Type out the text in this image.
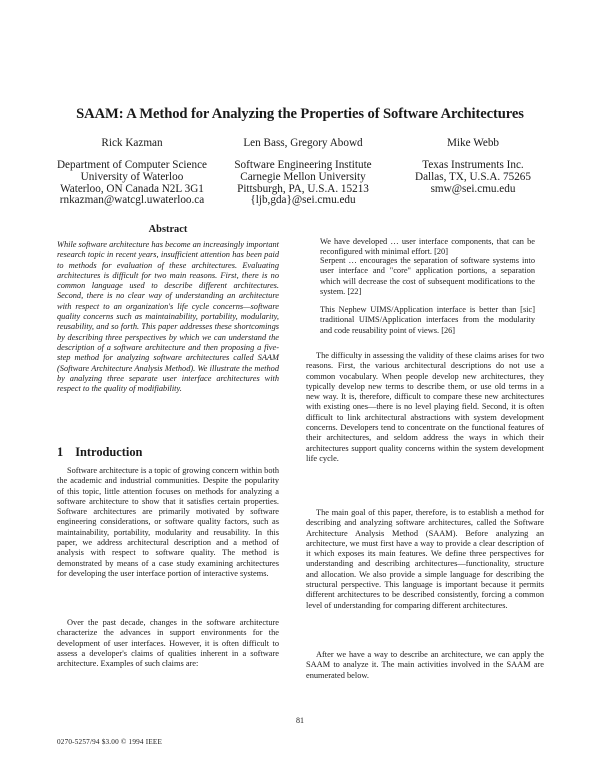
SAAM: A Method for Analyzing the Properties of Software Architectures
Rick Kazman	Len Bass, Gregory Abowd	Mike Webb
Department of Computer Science
University of Waterloo
Waterloo, ON Canada N2L 3G1
rnkazman@watcgl.uwaterloo.ca
Software Engineering Institute
Carnegie Mellon University
Pittsburgh, PA, U.S.A. 15213
{ljb,gda}@sei.cmu.edu
Texas Instruments Inc.
Dallas, TX, U.S.A. 75265
smw@sei.cmu.edu
Abstract

While software architecture has become an increasingly important research topic in recent years, insufficient attention has been paid to methods for evaluation of these architectures. Evaluating architectures is difficult for two main reasons. First, there is no common language used to describe different architectures. Second, there is no clear way of understanding an architecture with respect to an organization's life cycle concerns—software quality concerns such as maintainability, portability, modularity, reusability, and so forth. This paper addresses these shortcomings by describing three perspectives by which we can understand the description of a software architecture and then proposing a five-step method for analyzing software architectures called SAAM (Software Architecture Analysis Method). We illustrate the method by analyzing three separate user interface architectures with respect to the quality of modifiability.

1 Introduction

Software architecture is a topic of growing concern within both the academic and industrial communities. Despite the popularity of this topic, little attention focuses on methods for analyzing a software architecture to show that it satisfies certain properties. Software architectures are primarily motivated by software engineering considerations, or software quality factors, such as maintainability, portability, modularity and reusability. In this paper, we address architectural description and a method of analysis with respect to software quality. The method is demonstrated by means of a case study examining architectures for developing the user interface portion of interactive systems.

Over the past decade, changes in the software architecture characterize the advances in support environments for the development of user interfaces. However, it is often difficult to assess a developer's claims of qualities inherent in a software architecture. Examples of such claims are:

We have developed … user interface components, that can be reconfigured with minimal effort. [20]

Serpent … encourages the separation of software systems into user interface and "core" application portions, a separation which will decrease the cost of subsequent modifications to the system. [22]

This Nephew UIMS/Application interface is better than [sic] traditional UIMS/Application interfaces from the modularity and code reusability point of views. [26]

The difficulty in assessing the validity of these claims arises for two reasons. First, the various architectural descriptions do not use a common vocabulary. When people develop new architectures, they typically develop new terms to describe them, or use old terms in a new way. It is, therefore, difficult to compare these new architectures with existing ones—there is no level playing field. Second, it is often difficult to link architectural abstractions with system development concerns. Developers tend to concentrate on the functional features of their architectures, and seldom address the ways in which their architectures support quality concerns within the system development life cycle.

The main goal of this paper, therefore, is to establish a method for describing and analyzing software architectures, called the Software Architecture Analysis Method (SAAM). Before analyzing an architecture, we must first have a way to provide a clear description of it which exposes its main features. We define three perspectives for understanding and describing architectures—functionality, structure and allocation. We also provide a simple language for describing the structural perspective. This language is important because it permits different architectures to be described consistently, forcing a common level of understanding for comparing different architectures.

After we have a way to describe an architecture, we can apply the SAAM to analyze it. The main activities involved in the SAAM are enumerated below.

81
0270-5257/94 $3.00 © 1994 IEEE
